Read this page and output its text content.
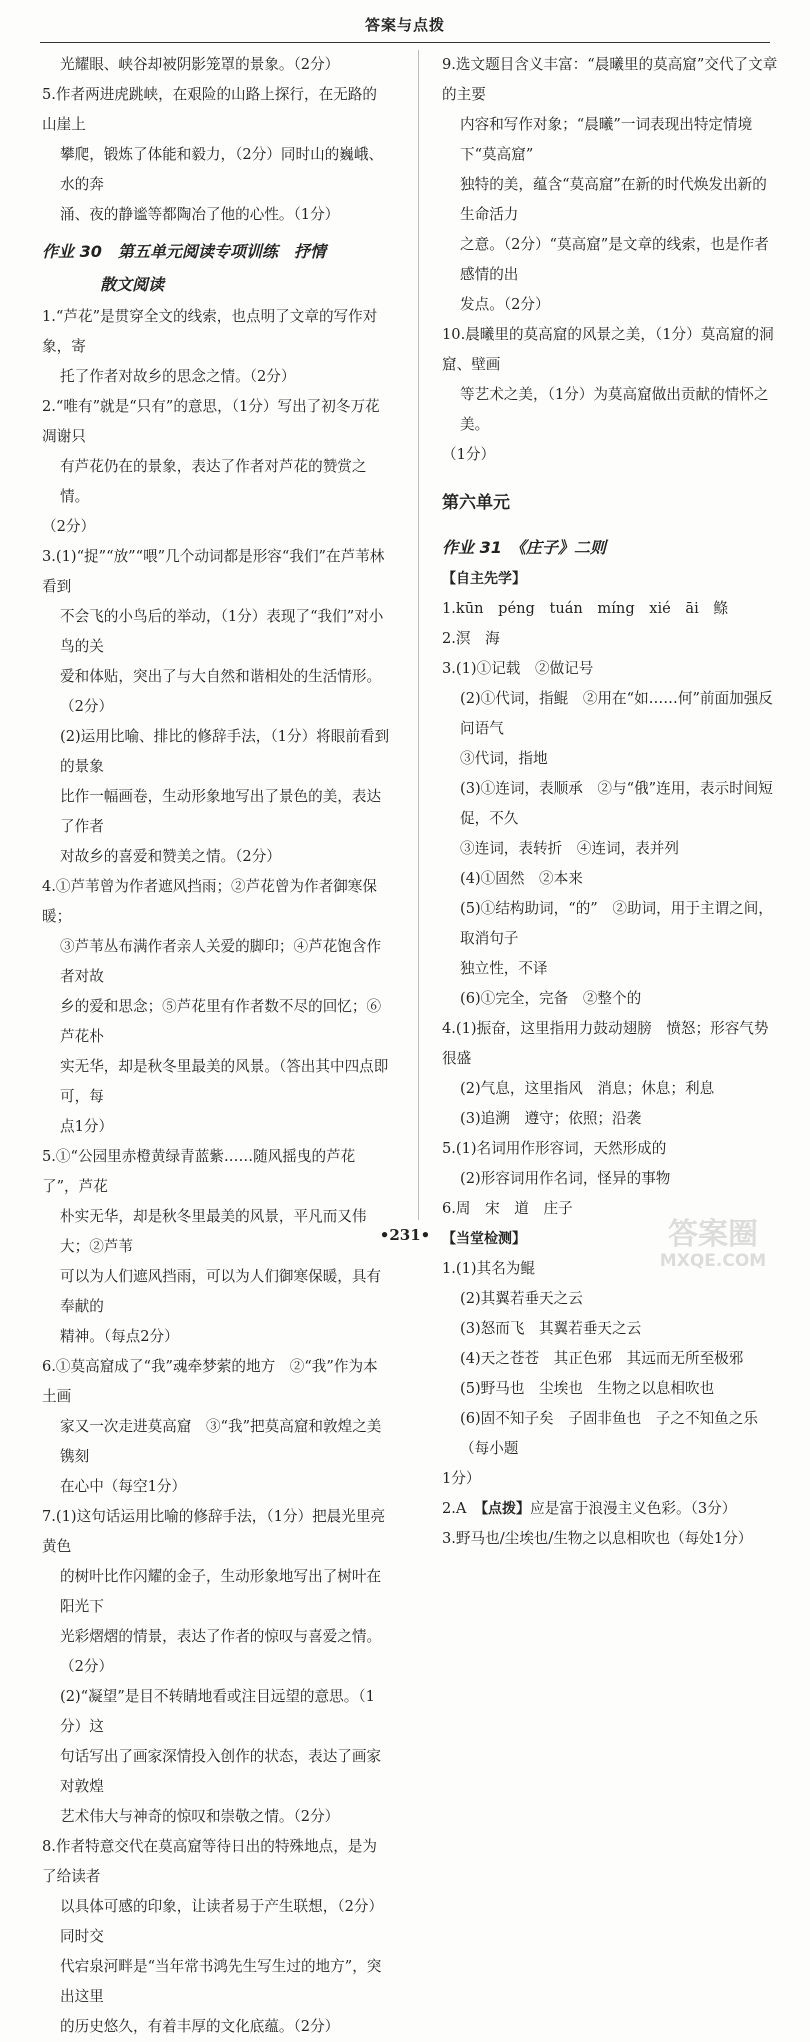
答案与点拨
光耀眼、峡谷却被阴影笼罩的景象。（2分）
5.作者两进虎跳峡，在艰险的山路上探行，在无路的山崖上
攀爬，锻炼了体能和毅力，（2分）同时山的巍峨、水的奔
涌、夜的静谧等都陶冶了他的心性。（1分）
作业 30　第五单元阅读专项训练　抒情
散文阅读
1.“芦花”是贯穿全文的线索，也点明了文章的写作对象，寄
托了作者对故乡的思念之情。（2分）
2.“唯有”就是“只有”的意思，（1分）写出了初冬万花凋谢只
有芦花仍在的景象，表达了作者对芦花的赞赏之情。
（2分）
3.(1)“捉”“放”“喂”几个动词都是形容“我们”在芦苇林看到
不会飞的小鸟后的举动，（1分）表现了“我们”对小鸟的关
爱和体贴，突出了与大自然和谐相处的生活情形。（2分）
(2)运用比喻、排比的修辞手法，（1分）将眼前看到的景象
比作一幅画卷，生动形象地写出了景色的美，表达了作者
对故乡的喜爱和赞美之情。（2分）
4.①芦苇曾为作者遮风挡雨；②芦花曾为作者御寒保暖；
③芦苇丛布满作者亲人关爱的脚印；④芦花饱含作者对故
乡的爱和思念；⑤芦花里有作者数不尽的回忆；⑥芦花朴
实无华，却是秋冬里最美的风景。（答出其中四点即可，每
点1分）
5.①“公园里赤橙黄绿青蓝紫……随风摇曳的芦花了”，芦花
朴实无华，却是秋冬里最美的风景，平凡而又伟大；②芦苇
可以为人们遮风挡雨，可以为人们御寒保暖，具有奉献的
精神。（每点2分）
6.①莫高窟成了“我”魂牵梦萦的地方　②“我”作为本土画
家又一次走进莫高窟　③“我”把莫高窟和敦煌之美镌刻
在心中（每空1分）
7.(1)这句话运用比喻的修辞手法，（1分）把晨光里亮黄色
的树叶比作闪耀的金子，生动形象地写出了树叶在阳光下
光彩熠熠的情景，表达了作者的惊叹与喜爱之情。（2分）
(2)“凝望”是目不转睛地看或注目远望的意思。（1分）这
句话写出了画家深情投入创作的状态，表达了画家对敦煌
艺术伟大与神奇的惊叹和崇敬之情。（2分）
8.作者特意交代在莫高窟等待日出的特殊地点，是为了给读者
以具体可感的印象，让读者易于产生联想，（2分）同时交
代宕泉河畔是“当年常书鸿先生写生过的地方”，突出这里
的历史悠久，有着丰厚的文化底蕴。（2分）
9.选文题目含义丰富：“晨曦里的莫高窟”交代了文章的主要
内容和写作对象；“晨曦”一词表现出特定情境下“莫高窟”
独特的美，蕴含“莫高窟”在新的时代焕发出新的生命活力
之意。（2分）“莫高窟”是文章的线索，也是作者感情的出
发点。（2分）
10.晨曦里的莫高窟的风景之美，（1分）莫高窟的洞窟、壁画
等艺术之美，（1分）为莫高窟做出贡献的情怀之美。
（1分）
第六单元
作业 31　《庄子》二则
【自主先学】
1.kūn　péng　tuán　míng　xié　āi　鲦
2.溟　海
3.(1)①记载　②做记号
(2)①代词，指鲲　②用在“如……何”前面加强反问语气
③代词，指地
(3)①连词，表顺承　②与“俄”连用，表示时间短促，不久
③连词，表转折　④连词，表并列
(4)①固然　②本来
(5)①结构助词，“的”　②助词，用于主谓之间，取消句子
独立性，不译
(6)①完全，完备　②整个的
4.(1)振奋，这里指用力鼓动翅膀　愤怒；形容气势很盛
(2)气息，这里指风　消息；休息；利息
(3)追溯　遵守；依照；沿袭
5.(1)名词用作形容词，天然形成的
(2)形容词用作名词，怪异的事物
6.周　宋　道　庄子
【当堂检测】
1.(1)其名为鲲
(2)其翼若垂天之云
(3)怒而飞　其翼若垂天之云
(4)天之苍苍　其正色邪　其远而无所至极邪
(5)野马也　尘埃也　生物之以息相吹也
(6)固不知子矣　子固非鱼也　子之不知鱼之乐（每小题
1分）
2.A　【点拨】应是富于浪漫主义色彩。（3分）
3.野马也/尘埃也/生物之以息相吹也（每处1分）
•231•	答案圈
MXQE.COM
